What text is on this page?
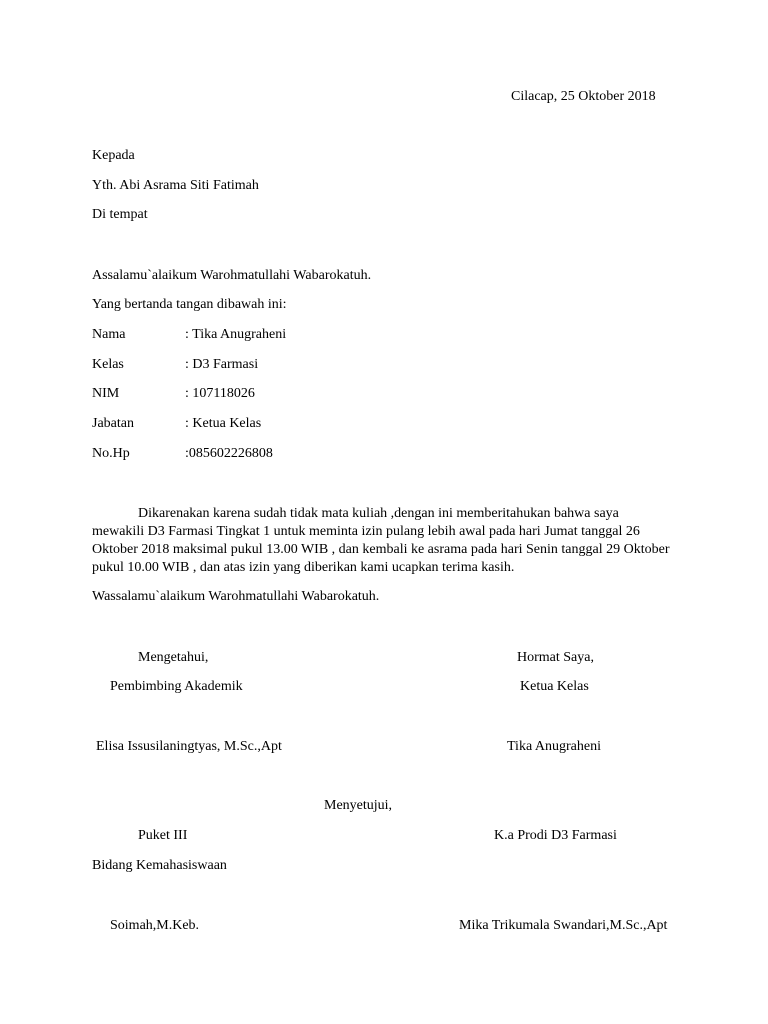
Cilacap, 25 Oktober 2018
Kepada
Yth. Abi Asrama Siti Fatimah
Di tempat
Assalamu`alaikum Warohmatullahi Wabarokatuh.
Yang bertanda tangan dibawah ini:
Nama	: Tika Anugraheni
Kelas	: D3 Farmasi
NIM	: 107118026
Jabatan	: Ketua Kelas
No.Hp	:085602226808
Dikarenakan karena sudah tidak mata kuliah ,dengan ini memberitahukan bahwa saya
mewakili D3 Farmasi Tingkat 1 untuk meminta izin pulang lebih awal pada hari Jumat tanggal 26
Oktober 2018 maksimal pukul 13.00 WIB , dan kembali ke asrama pada hari Senin tanggal 29 Oktober
pukul 10.00 WIB , dan atas izin yang diberikan kami ucapkan terima kasih.
Wassalamu`alaikum Warohmatullahi Wabarokatuh.
Mengetahui,	Hormat Saya,
Pembimbing Akademik	Ketua Kelas
Elisa Issusilaningtyas, M.Sc.,Apt	Tika Anugraheni
Menyetujui,
Puket III	K.a Prodi D3 Farmasi
Bidang Kemahasiswaan
Soimah,M.Keb.	Mika Trikumala Swandari,M.Sc.,Apt
